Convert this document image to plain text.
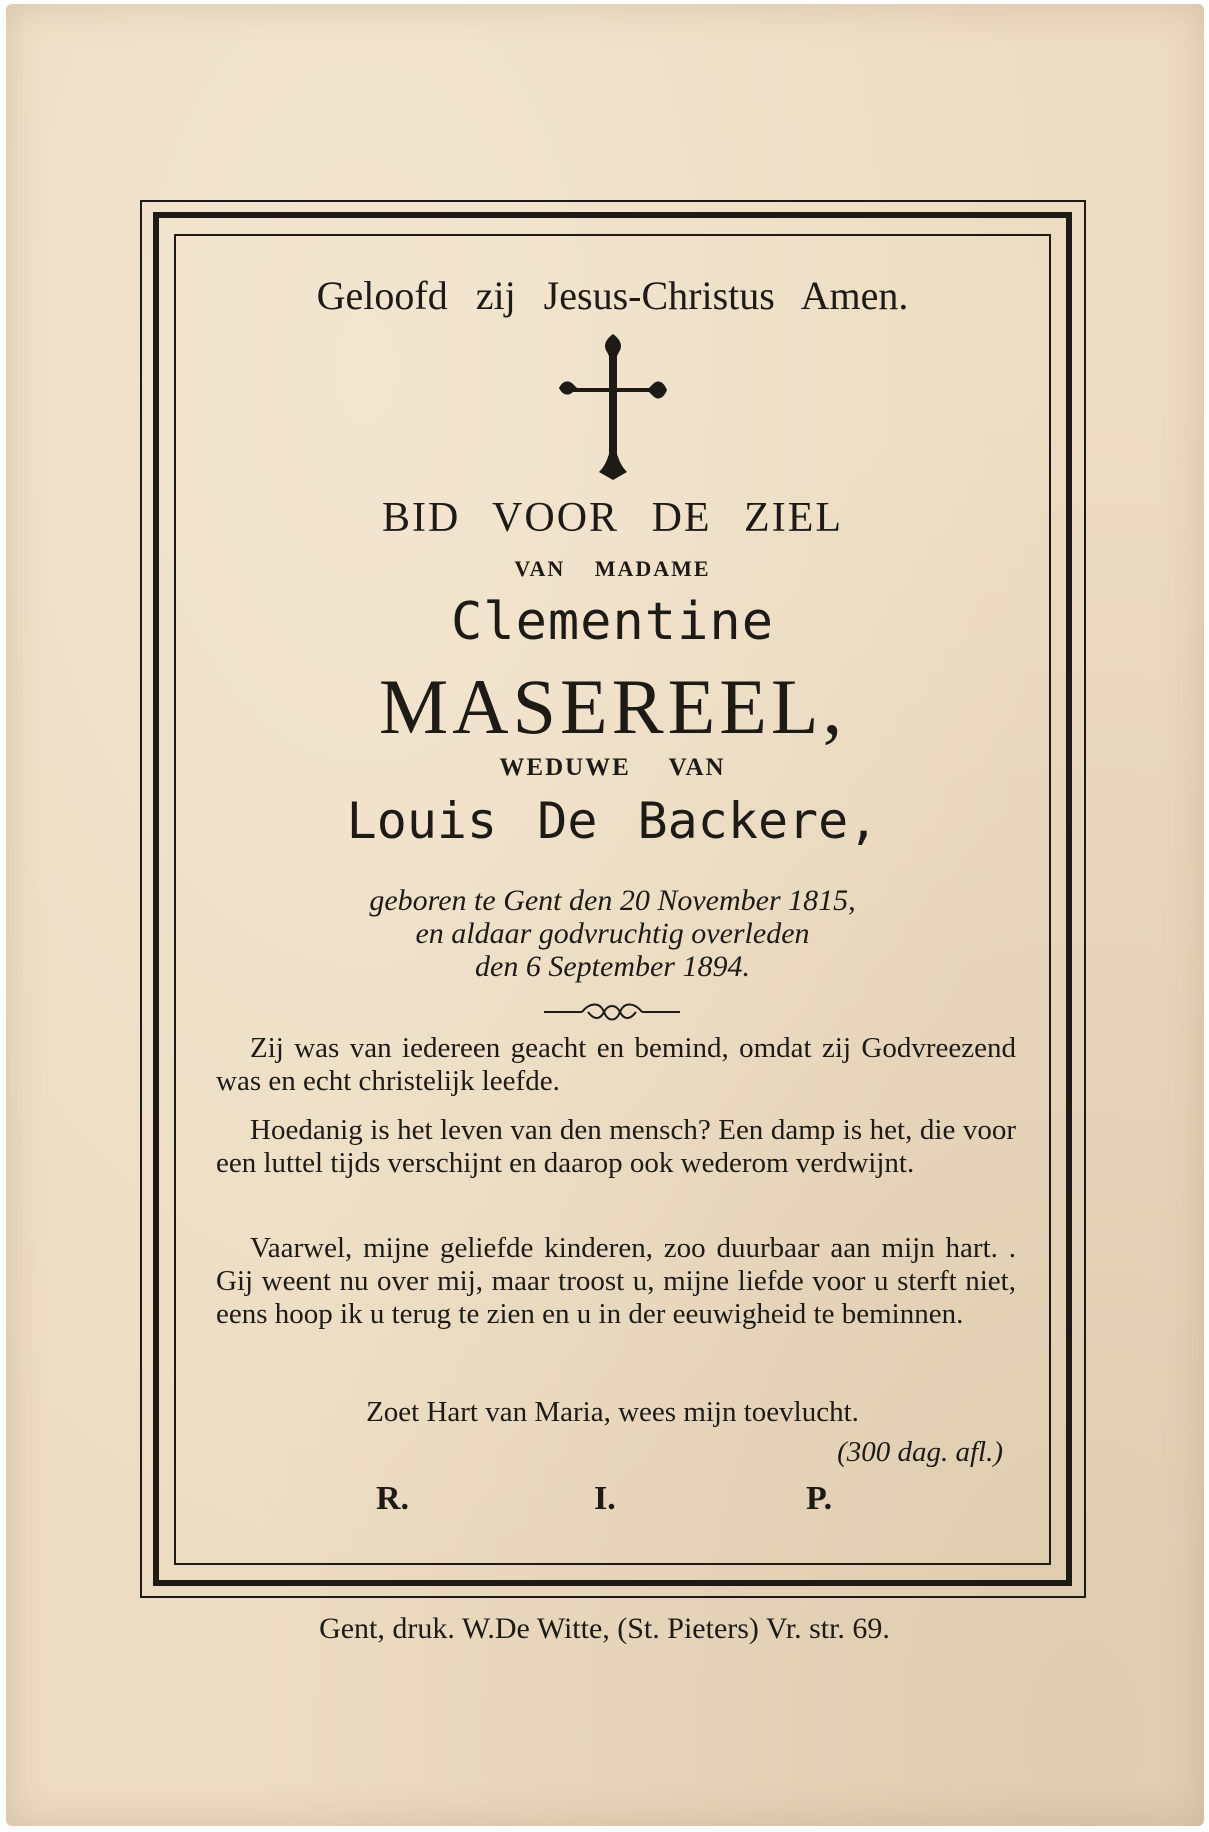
Geloofd zij Jesus-Christus Amen.
BID VOOR DE ZIEL
VAN MADAME
Clementine
MASEREEL,
WEDUWE VAN
Louis De Backere,
geboren te Gent den 20 November 1815,
en aldaar godvruchtig overleden
den 6 September 1894.
Zij was van iedereen geacht en bemind, omdat zij Godvreezend was en echt christelijk leefde.
Hoedanig is het leven van den mensch? Een damp is het, die voor een luttel tijds verschijnt en daarop ook wederom verdwijnt.
Vaarwel, mijne geliefde kinderen, zoo duurbaar aan mijn hart. . Gij weent nu over mij, maar troost u, mijne liefde voor u sterft niet, eens hoop ik u terug te zien en u in der eeuwigheid te beminnen.
Zoet Hart van Maria, wees mijn toevlucht.
(300 dag. afl.)
R.	I.	P.
Gent, druk. W.De Witte, (St. Pieters) Vr. str. 69.
